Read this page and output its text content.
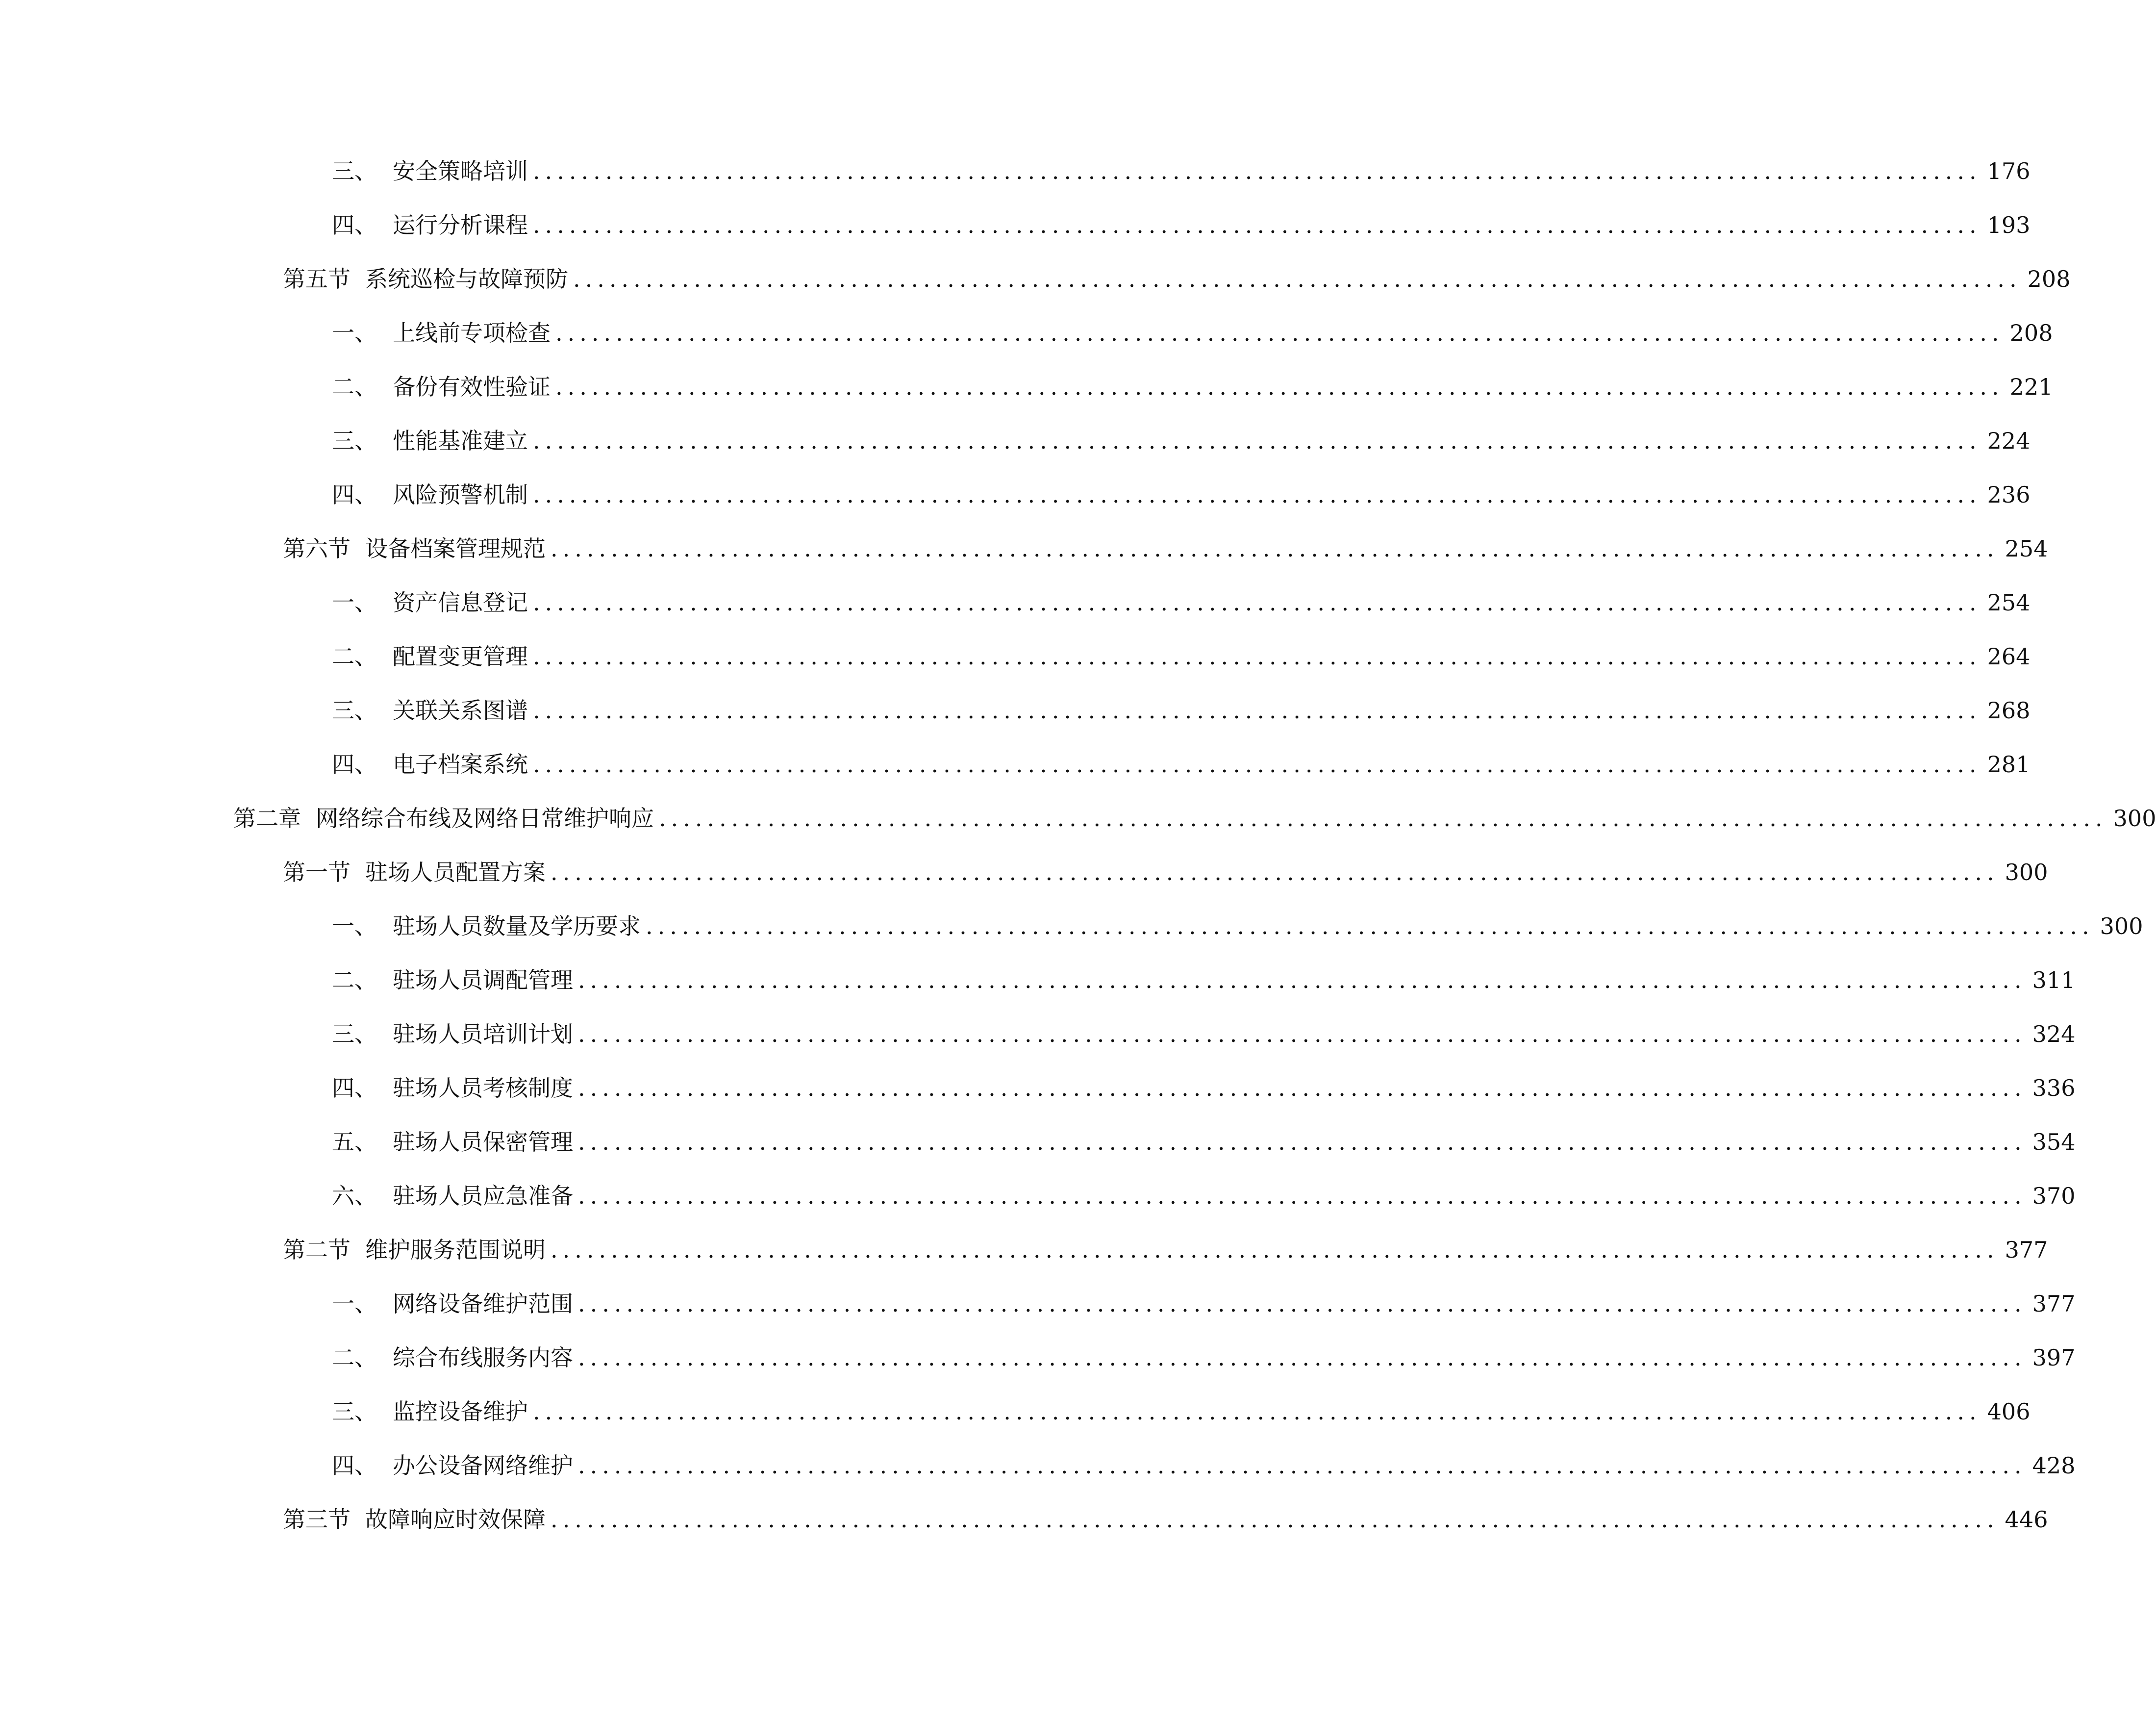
三、 安全策略培训 ........................................................................................................................ 176
四、 运行分析课程 ........................................................................................................................ 193
第五节 系统巡检与故障预防 ........................................................................................................................ 208
一、 上线前专项检查 ........................................................................................................................ 208
二、 备份有效性验证 ........................................................................................................................ 221
三、 性能基准建立 ........................................................................................................................ 224
四、 风险预警机制 ........................................................................................................................ 236
第六节 设备档案管理规范 ........................................................................................................................ 254
一、 资产信息登记 ........................................................................................................................ 254
二、 配置变更管理 ........................................................................................................................ 264
三、 关联关系图谱 ........................................................................................................................ 268
四、 电子档案系统 ........................................................................................................................ 281
第二章 网络综合布线及网络日常维护响应 ........................................................................................................................ 300
第一节 驻场人员配置方案 ........................................................................................................................ 300
一、 驻场人员数量及学历要求 ........................................................................................................................ 300
二、 驻场人员调配管理 ........................................................................................................................ 311
三、 驻场人员培训计划 ........................................................................................................................ 324
四、 驻场人员考核制度 ........................................................................................................................ 336
五、 驻场人员保密管理 ........................................................................................................................ 354
六、 驻场人员应急准备 ........................................................................................................................ 370
第二节 维护服务范围说明 ........................................................................................................................ 377
一、 网络设备维护范围 ........................................................................................................................ 377
二、 综合布线服务内容 ........................................................................................................................ 397
三、 监控设备维护 ........................................................................................................................ 406
四、 办公设备网络维护 ........................................................................................................................ 428
第三节 故障响应时效保障 ........................................................................................................................ 446
